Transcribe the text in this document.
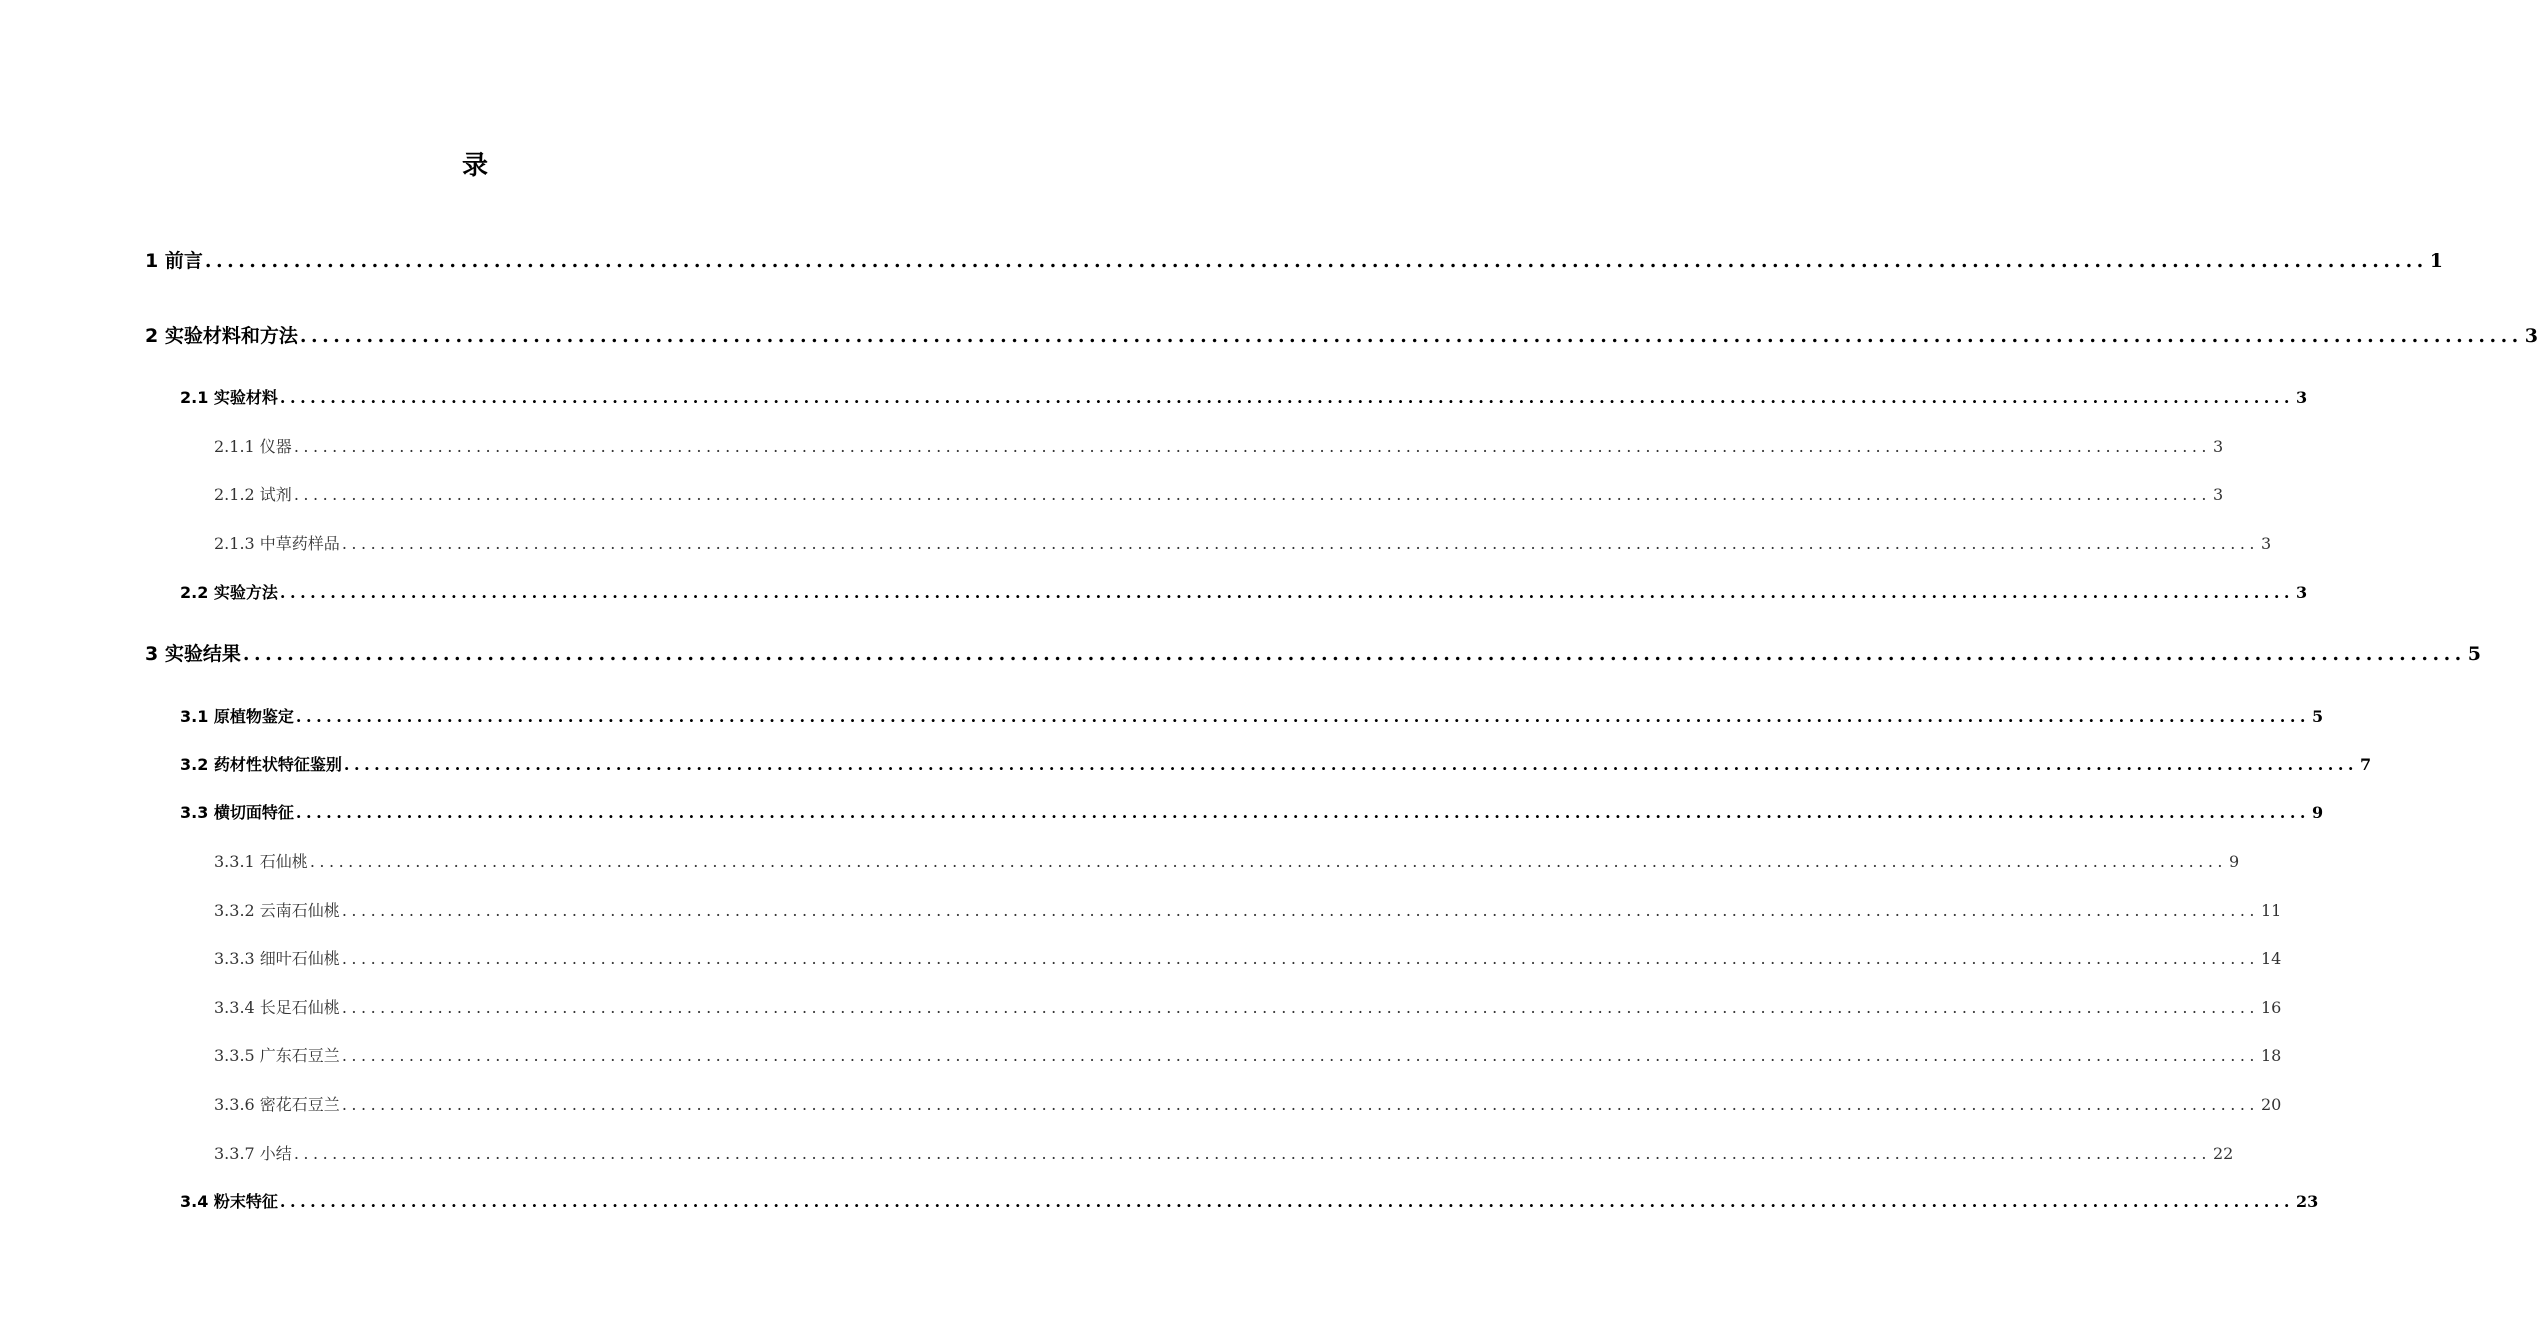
录
1 前言 ........................................................................................................................................................................................................ 1
2 实验材料和方法 ........................................................................................................................................................................................................ 3
2.1 实验材料 ........................................................................................................................................................................................................ 3
2.1.1 仪器 ........................................................................................................................................................................................................ 3
2.1.2 试剂 ........................................................................................................................................................................................................ 3
2.1.3 中草药样品 ........................................................................................................................................................................................................ 3
2.2 实验方法 ........................................................................................................................................................................................................ 3
3 实验结果 ........................................................................................................................................................................................................ 5
3.1 原植物鉴定 ........................................................................................................................................................................................................ 5
3.2 药材性状特征鉴别 ........................................................................................................................................................................................................ 7
3.3 横切面特征 ........................................................................................................................................................................................................ 9
3.3.1 石仙桃 ........................................................................................................................................................................................................ 9
3.3.2 云南石仙桃 ........................................................................................................................................................................................................ 11
3.3.3 细叶石仙桃 ........................................................................................................................................................................................................ 14
3.3.4 长足石仙桃 ........................................................................................................................................................................................................ 16
3.3.5 广东石豆兰 ........................................................................................................................................................................................................ 18
3.3.6 密花石豆兰 ........................................................................................................................................................................................................ 20
3.3.7 小结 ........................................................................................................................................................................................................ 22
3.4 粉末特征 ........................................................................................................................................................................................................ 23
